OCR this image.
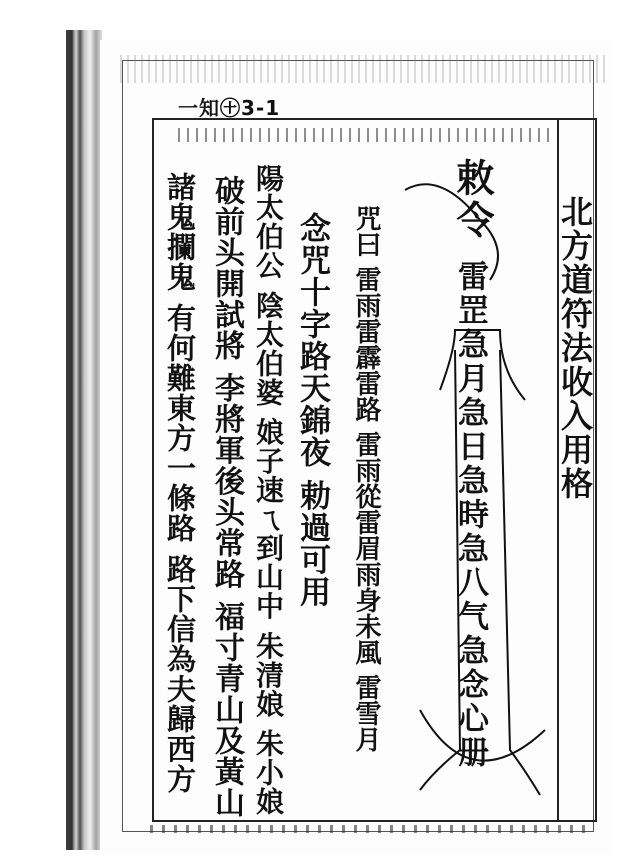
一知㊉3-1
敕令
雷罡急月急日急時急八气急念心册 北方道符法收入用格
咒曰 雷雨雷霹雷路 雷雨從雷眉雨身未風 雷雪月
念咒十字路天錦夜 勅過可用
陽太伯公 陰太伯婆 娘子速ㄟ到山中 朱清娘 朱小娘
破前头開試將 李將軍後头常路 福寸青山及黃山
諸鬼攔鬼 有何難東方一條路 路下信為夫歸西方
